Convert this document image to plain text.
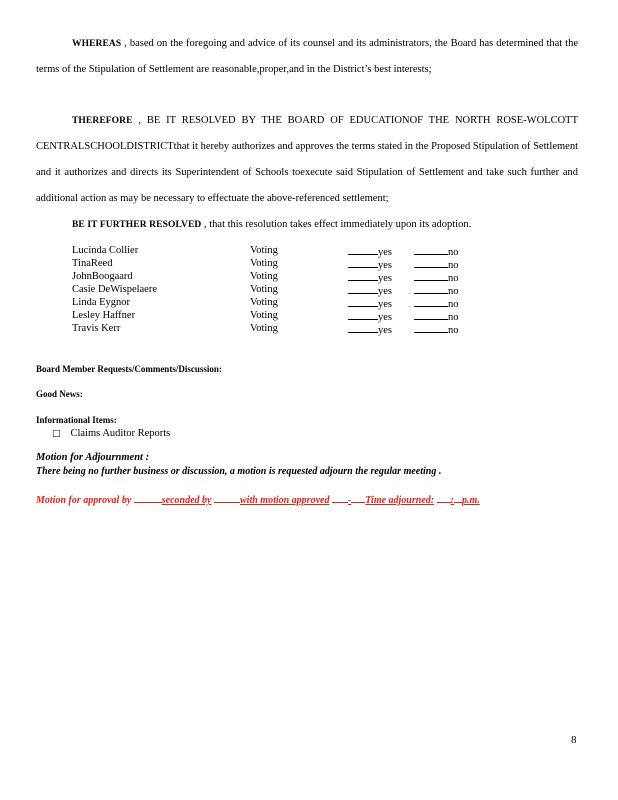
WHEREAS , based on the foregoing and advice of its counsel and its administrators, the Board has determined that the terms of the Stipulation of Settlement are reasonable,proper,and in the District’s best interests;
THEREFORE , BE IT RESOLVED BY THE BOARD OF EDUCATIONOF THE NORTH ROSE-WOLCOTT CENTRALSCHOOLDISTRICTthat it hereby authorizes and approves the terms stated in the Proposed Stipulation of Settlement and it authorizes and directs its Superintendent of Schools toexecute said Stipulation of Settlement and take such further and additional action as may be necessary to effectuate the above-referenced settlement;
BE IT FURTHER RESOLVED , that this resolution takes effect immediately upon its adoption.
Lucinda Collier	Voting	yes	no
TinaReed	Voting	yes	no
JohnBoogaard	Voting	yes	no
Casie DeWispelaere	Voting	yes	no
Linda Eygnor	Voting	yes	no
Lesley Haffner	Voting	yes	no
Travis Kerr	Voting	yes	no
Board Member Requests/Comments/Discussion:
Good News:
Informational Items:
□ Claims Auditor Reports
Motion for Adjournment :
There being no further business or discussion, a motion is requested adjourn the regular meeting .
Motion for approval by	seconded by	with motion approved - Time adjourned: : p.m.
8
